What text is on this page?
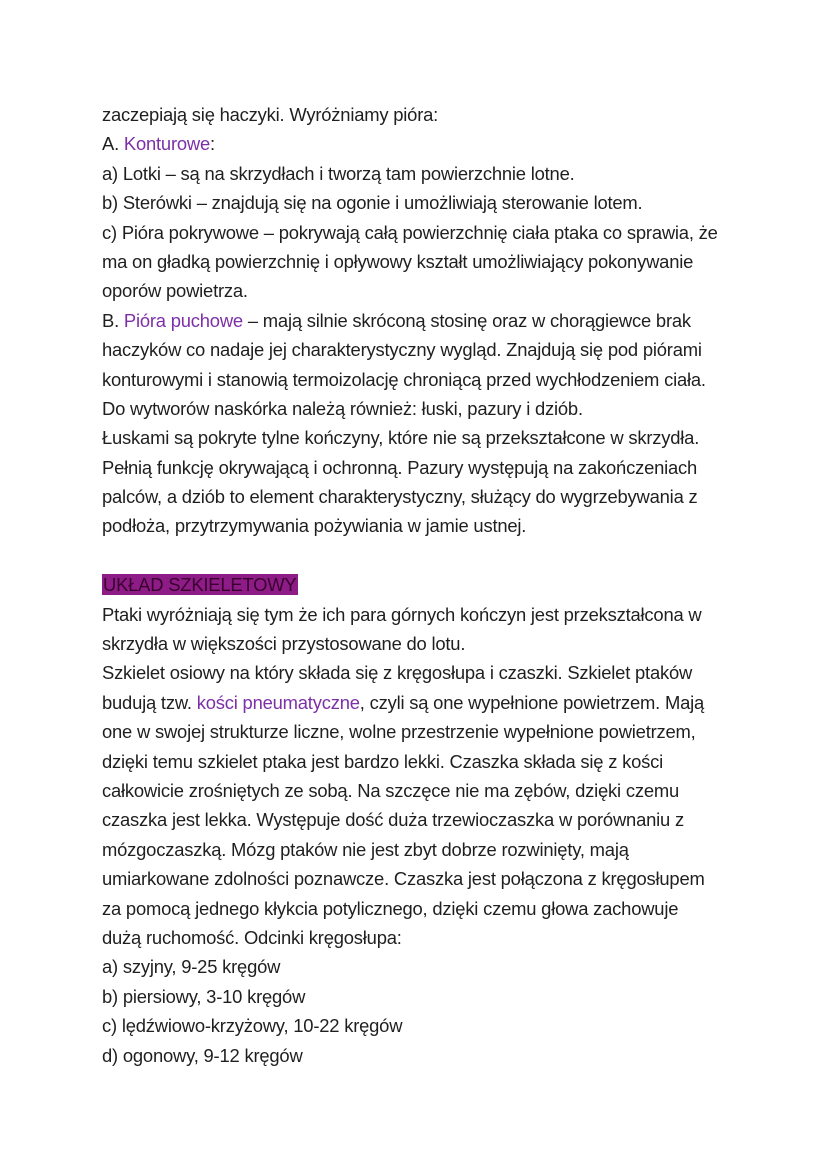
zaczepiają się haczyki. Wyróżniamy pióra:
A. Konturowe:
a) Lotki – są na skrzydłach i tworzą tam powierzchnie lotne.
b) Sterówki – znajdują się na ogonie i umożliwiają sterowanie lotem.
c) Pióra pokrywowe – pokrywają całą powierzchnię ciała ptaka co sprawia, że
ma on gładką powierzchnię i opływowy kształt umożliwiający pokonywanie
oporów powietrza.
B. Pióra puchowe – mają silnie skróconą stosinę oraz w chorągiewce brak
haczyków co nadaje jej charakterystyczny wygląd. Znajdują się pod piórami
konturowymi i stanowią termoizolację chroniącą przed wychłodzeniem ciała.
Do wytworów naskórka należą również: łuski, pazury i dziób.
Łuskami są pokryte tylne kończyny, które nie są przekształcone w skrzydła.
Pełnią funkcję okrywającą i ochronną. Pazury występują na zakończeniach
palców, a dziób to element charakterystyczny, służący do wygrzebywania z
podłoża, przytrzymywania pożywiania w jamie ustnej.
UKŁAD SZKIELETOWY
Ptaki wyróżniają się tym że ich para górnych kończyn jest przekształcona w
skrzydła w większości przystosowane do lotu.
Szkielet osiowy na który składa się z kręgosłupa i czaszki. Szkielet ptaków
budują tzw. kości pneumatyczne, czyli są one wypełnione powietrzem. Mają
one w swojej strukturze liczne, wolne przestrzenie wypełnione powietrzem,
dzięki temu szkielet ptaka jest bardzo lekki. Czaszka składa się z kości
całkowicie zrośniętych ze sobą. Na szczęce nie ma zębów, dzięki czemu
czaszka jest lekka. Występuje dość duża trzewioczaszka w porównaniu z
mózgoczaszką. Mózg ptaków nie jest zbyt dobrze rozwinięty, mają
umiarkowane zdolności poznawcze. Czaszka jest połączona z kręgosłupem
za pomocą jednego kłykcia potylicznego, dzięki czemu głowa zachowuje
dużą ruchomość. Odcinki kręgosłupa:
a) szyjny, 9-25 kręgów
b) piersiowy, 3-10 kręgów
c) lędźwiowo-krzyżowy, 10-22 kręgów
d) ogonowy, 9-12 kręgów
